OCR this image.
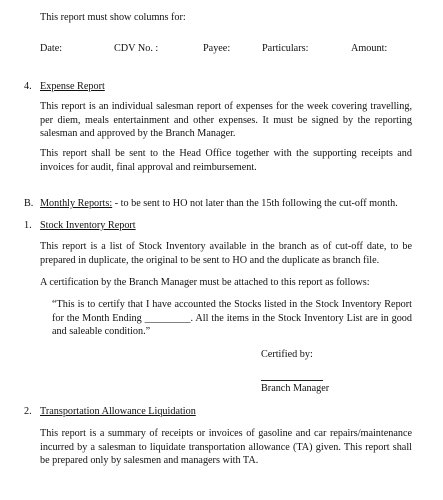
This report must show columns for:
Date:	CDV No. :	Payee:	Particulars:	Amount:
4. Expense Report
This report is an individual salesman report of expenses for the week covering travelling, per diem, meals entertainment and other expenses. It must be signed by the reporting salesman and approved by the Branch Manager.
This report shall be sent to the Head Office together with the supporting receipts and invoices for audit, final approval and reimbursement.
B. Monthly Reports: - to be sent to HO not later than the 15th following the cut-off month.
1. Stock Inventory Report
This report is a list of Stock Inventory available in the branch as of cut-off date, to be prepared in duplicate, the original to be sent to HO and the duplicate as branch file.
A certification by the Branch Manager must be attached to this report as follows:
“This is to certify that I have accounted the Stocks listed in the Stock Inventory Report for the Month Ending _________. All the items in the Stock Inventory List are in good and saleable condition.”
Certified by:
Branch Manager
2. Transportation Allowance Liquidation
This report is a summary of receipts or invoices of gasoline and car repairs/maintenance incurred by a salesman to liquidate transportation allowance (TA) given. This report shall be prepared only by salesmen and managers with TA.
